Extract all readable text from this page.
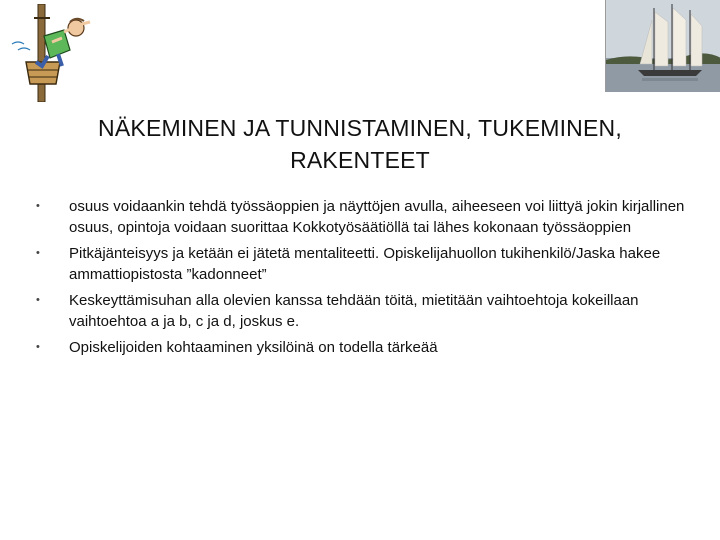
NÄKEMINEN JA TUNNISTAMINEN, TUKEMINEN,
RAKENTEET
• osuus voidaankin tehdä työssäoppien ja näyttöjen avulla, aiheeseen voi liittyä jokin kirjallinen osuus, opintoja voidaan suorittaa Kokkotyösäätiöllä tai lähes kokonaan työssäoppien
• Pitkäjänteisyys ja ketään ei jätetä mentaliteetti. Opiskelijahuollon tukihenkilö/Jaska hakee ammattiopistosta ”kadonneet”
• Keskeyttämisuhan alla olevien kanssa tehdään töitä, mietitään vaihtoehtoja kokeillaan vaihtoehtoa a ja b, c ja d, joskus e.
• Opiskelijoiden kohtaaminen yksilöinä on todella tärkeää
